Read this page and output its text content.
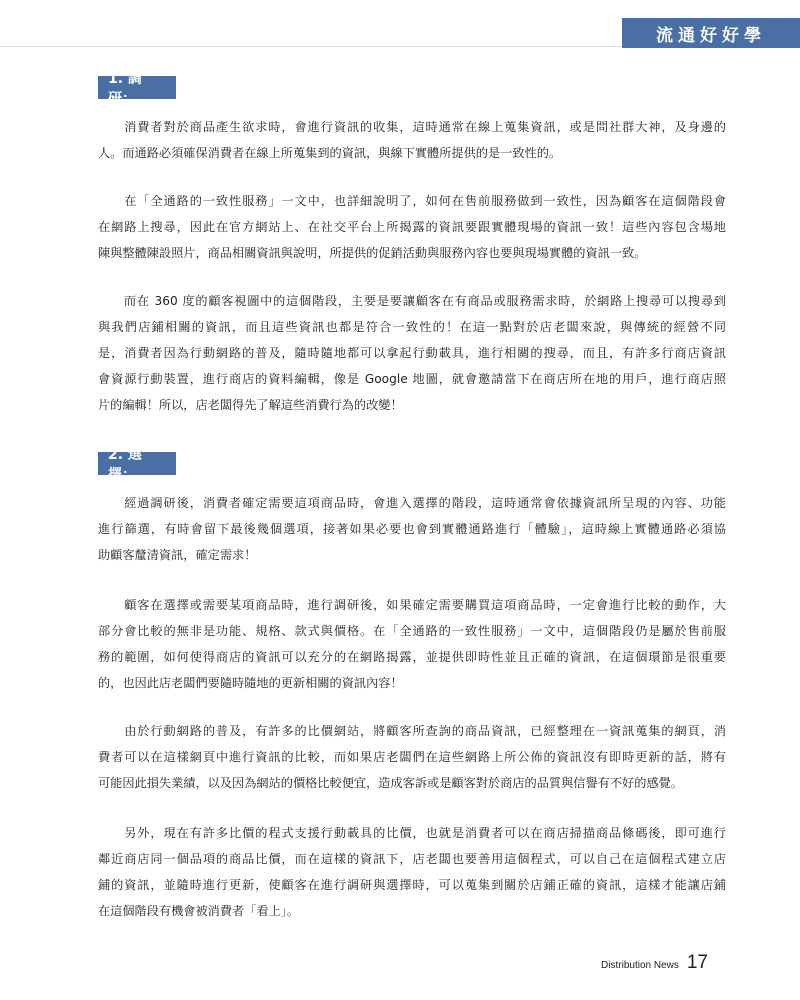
流通好好學
1. 調研：
2. 選擇：

　　消費者對於商品產生欲求時，會進行資訊的收集，這時通常在線上蒐集資訊，或是問社群大神，及身邊的
人。而通路必須確保消費者在線上所蒐集到的資訊，與線下實體所提供的是一致性的。

　　在「全通路的一致性服務」一文中，也詳細說明了，如何在售前服務做到一致性，因為顧客在這個階段會
在網路上搜尋，因此在官方網站上、在社交平台上所揭露的資訊要跟實體現場的資訊一致！這些內容包含場地
陳與整體陳設照片，商品相關資訊與說明，所提供的促銷活動與服務內容也要與現場實體的資訊一致。

　　而在 360 度的顧客視圖中的這個階段，主要是要讓顧客在有商品或服務需求時，於網路上搜尋可以搜尋到
與我們店鋪相關的資訊，而且這些資訊也都是符合一致性的！在這一點對於店老闆來說，與傳統的經營不同
是，消費者因為行動網路的普及，隨時隨地都可以拿起行動載具，進行相關的搜尋，而且，有許多行商店資訊
會資源行動裝置，進行商店的資料編輯，像是 Google 地圖，就會邀請當下在商店所在地的用戶，進行商店照
片的編輯！所以，店老闆得先了解這些消費行為的改變！

　　經過調研後，消費者確定需要這項商品時，會進入選擇的階段，這時通常會依據資訊所呈現的內容、功能
進行篩選，有時會留下最後幾個選項，接著如果必要也會到實體通路進行「體驗」，這時線上實體通路必須協
助顧客釐清資訊，確定需求！

　　顧客在選擇或需要某項商品時，進行調研後，如果確定需要購買這項商品時，一定會進行比較的動作，大
部分會比較的無非是功能、規格、款式與價格。在「全通路的一致性服務」一文中，這個階段仍是屬於售前服
務的範圍，如何使得商店的資訊可以充分的在網路揭露，並提供即時性並且正確的資訊，在這個環節是很重要
的，也因此店老闆們要隨時隨地的更新相關的資訊內容！

　　由於行動網路的普及，有許多的比價網站，將顧客所查詢的商品資訊，已經整理在一資訊蒐集的網頁，消
費者可以在這樣網頁中進行資訊的比較，而如果店老闆們在這些網路上所公佈的資訊沒有即時更新的話，將有
可能因此損失業績，以及因為網站的價格比較便宜，造成客訴或是顧客對於商店的品質與信譽有不好的感覺。

　　另外，現在有許多比價的程式支援行動載具的比價，也就是消費者可以在商店掃描商品條碼後，即可進行
鄰近商店同一個品項的商品比價，而在這樣的資訊下，店老闆也要善用這個程式，可以自己在這個程式建立店
鋪的資訊，並隨時進行更新，使顧客在進行調研與選擇時，可以蒐集到關於店鋪正確的資訊，這樣才能讓店鋪
在這個階段有機會被消費者「看上」。

Distribution News 17
